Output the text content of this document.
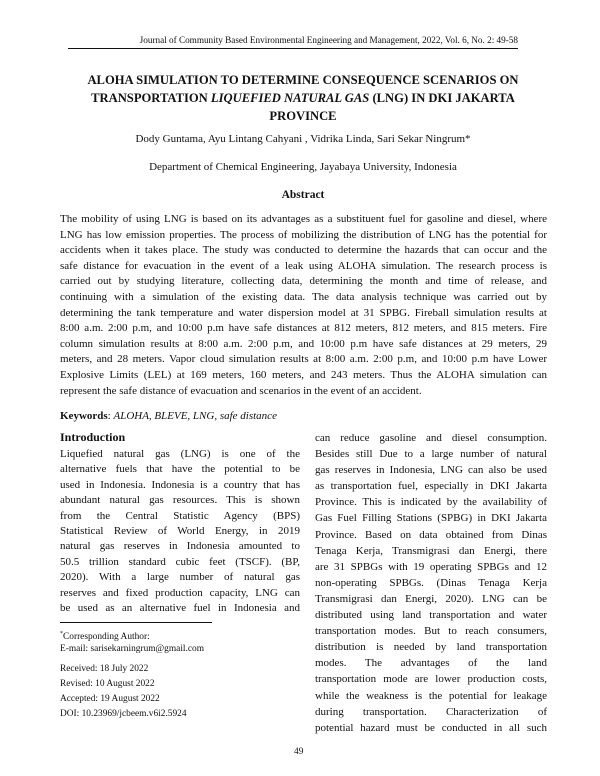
Journal of Community Based Environmental Engineering and Management, 2022, Vol. 6, No. 2: 49-58
ALOHA SIMULATION TO DETERMINE CONSEQUENCE SCENARIOS ON
TRANSPORTATION LIQUEFIED NATURAL GAS (LNG) IN DKI JAKARTA
PROVINCE
Dody Guntama, Ayu Lintang Cahyani , Vidrika Linda, Sari Sekar Ningrum*
Department of Chemical Engineering, Jayabaya University, Indonesia
Abstract
The mobility of using LNG is based on its advantages as a substituent fuel for gasoline and diesel, where
LNG has low emission properties. The process of mobilizing the distribution of LNG has the potential for
accidents when it takes place. The study was conducted to determine the hazards that can occur and the
safe distance for evacuation in the event of a leak using ALOHA simulation. The research process is
carried out by studying literature, collecting data, determining the month and time of release, and
continuing with a simulation of the existing data. The data analysis technique was carried out by
determining the tank temperature and water dispersion model at 31 SPBG. Fireball simulation results at
8:00 a.m. 2:00 p.m, and 10:00 p.m have safe distances at 812 meters, 812 meters, and 815 meters. Fire
column simulation results at 8:00 a.m. 2:00 p.m, and 10:00 p.m have safe distances at 29 meters, 29
meters, and 28 meters. Vapor cloud simulation results at 8:00 a.m. 2:00 p.m, and 10:00 p.m have Lower
Explosive Limits (LEL) at 169 meters, 160 meters, and 243 meters. Thus the ALOHA simulation can
represent the safe distance of evacuation and scenarios in the event of an accident.
Keywords: ALOHA, BLEVE, LNG, safe distance
Introduction
Liquefied natural gas (LNG) is one of the
alternative fuels that have the potential to be
used in Indonesia. Indonesia is a country that has
abundant natural gas resources. This is shown
from the Central Statistic Agency (BPS)
Statistical Review of World Energy, in 2019
natural gas reserves in Indonesia amounted to
50.5 trillion standard cubic feet (TSCF). (BP,
2020). With a large number of natural gas
reserves and fixed production capacity, LNG can
be used as an alternative fuel in Indonesia and
can reduce gasoline and diesel consumption.
Besides still Due to a large number of natural
gas reserves in Indonesia, LNG can also be used
as transportation fuel, especially in DKI Jakarta
Province. This is indicated by the availability of
Gas Fuel Filling Stations (SPBG) in DKI Jakarta
Province. Based on data obtained from Dinas
Tenaga Kerja, Transmigrasi dan Energi, there
are 31 SPBGs with 19 operating SPBGs and 12
non-operating SPBGs. (Dinas Tenaga Kerja
Transmigrasi dan Energi, 2020). LNG can be
distributed using land transportation and water
transportation modes. But to reach consumers,
distribution is needed by land transportation
modes. The advantages of the land
transportation mode are lower production costs,
while the weakness is the potential for leakage
during transportation. Characterization of
potential hazard must be conducted in all such
*Corresponding Author:
E-mail: sarisekarningrum@gmail.com
Received: 18 July 2022
Revised: 10 August 2022
Accepted: 19 August 2022
DOI: 10.23969/jcbeem.v6i2.5924
49
